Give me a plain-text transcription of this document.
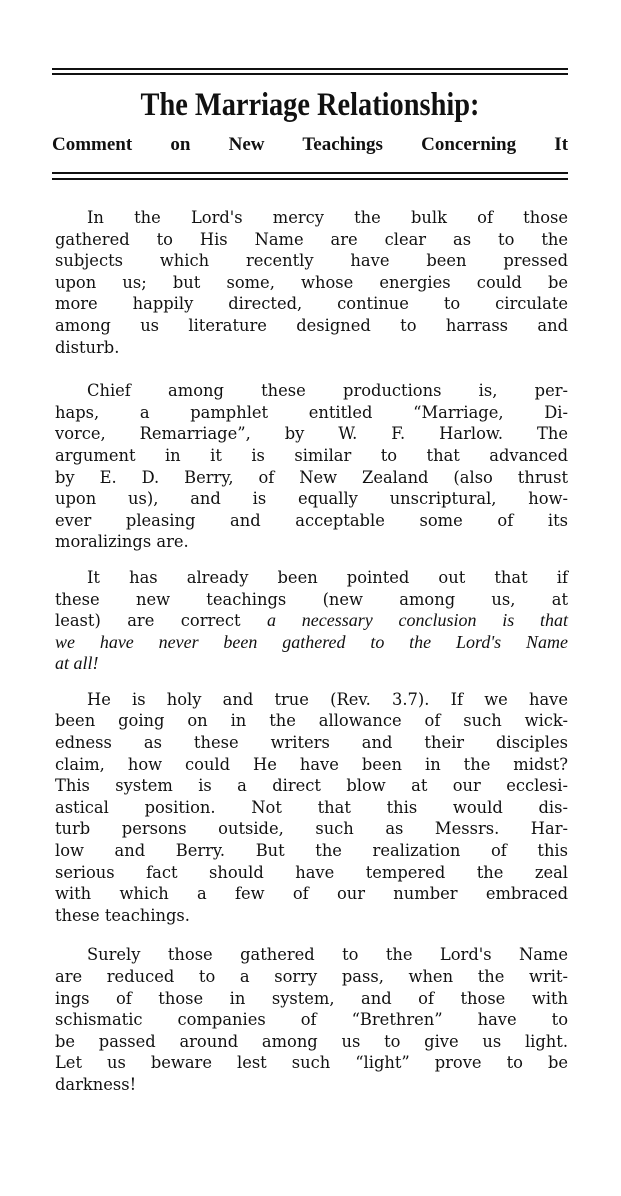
The Marriage Relationship:
Comment on New Teachings Concerning It
In the Lord's mercy the bulk of those
gathered to His Name are clear as to the
subjects which recently have been pressed
upon us; but some, whose energies could be
more happily directed, continue to circulate
among us literature designed to harrass and
disturb.
Chief among these productions is, per-
haps, a pamphlet entitled “Marriage, Di-
vorce, Remarriage”, by W. F. Harlow. The
argument in it is similar to that advanced
by E. D. Berry, of New Zealand (also thrust
upon us), and is equally unscriptural, how-
ever pleasing and acceptable some of its
moralizings are.
It has already been pointed out that if
these new teachings (new among us, at
least) are correct a necessary conclusion is that
we have never been gathered to the Lord's Name
at all!
He is holy and true (Rev. 3.7). If we have
been going on in the allowance of such wick-
edness as these writers and their disciples
claim, how could He have been in the midst?
This system is a direct blow at our ecclesi-
astical position. Not that this would dis-
turb persons outside, such as Messrs. Har-
low and Berry. But the realization of this
serious fact should have tempered the zeal
with which a few of our number embraced
these teachings.
Surely those gathered to the Lord's Name
are reduced to a sorry pass, when the writ-
ings of those in system, and of those with
schismatic companies of “Brethren” have to
be passed around among us to give us light.
Let us beware lest such “light” prove to be
darkness!
